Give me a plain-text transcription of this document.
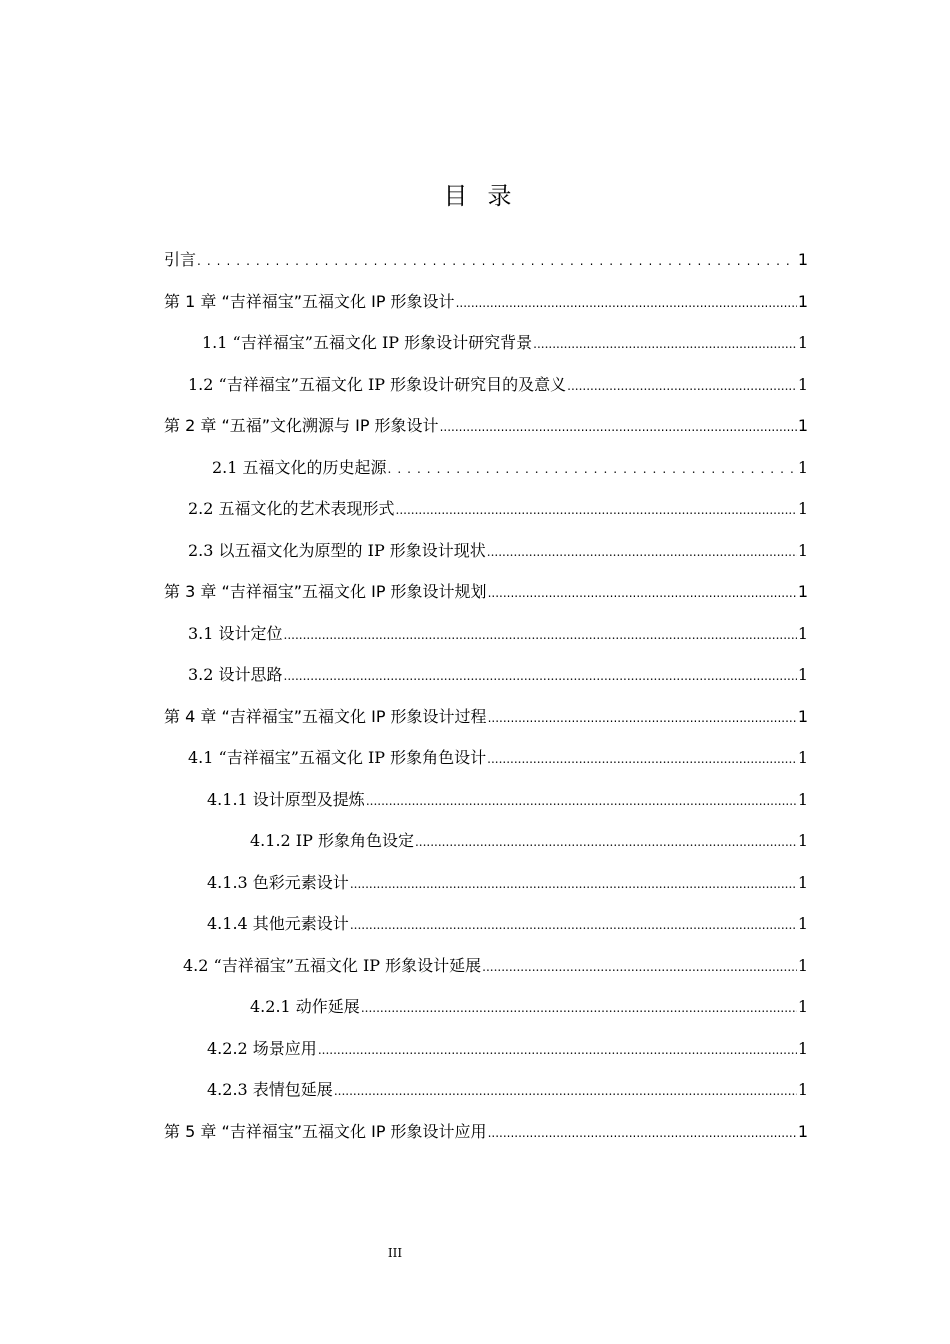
目录
引言 .....	1
第 1 章 “吉祥福宝”五福文化 IP 形象设计 .....	1
1.1 “吉祥福宝”五福文化 IP 形象设计研究背景 .....	1
1.2 “吉祥福宝”五福文化 IP 形象设计研究目的及意义 .....	1
第 2 章 “五福”文化溯源与 IP 形象设计 .....	1
2.1 五福文化的历史起源 .....	1
2.2 五福文化的艺术表现形式 .....	1
2.3 以五福文化为原型的 IP 形象设计现状 .....	1
第 3 章 “吉祥福宝”五福文化 IP 形象设计规划 .....	1
3.1 设计定位 .....	1
3.2 设计思路 .....	1
第 4 章 “吉祥福宝”五福文化 IP 形象设计过程 .....	1
4.1 “吉祥福宝”五福文化 IP 形象角色设计 .....	1
4.1.1 设计原型及提炼 .....	1
4.1.2 IP 形象角色设定 .....	1
4.1.3 色彩元素设计 .....	1
4.1.4 其他元素设计 .....	1
4.2 “吉祥福宝”五福文化 IP 形象设计延展 .....	1
4.2.1 动作延展 .....	1
4.2.2 场景应用 .....	1
4.2.3 表情包延展 .....	1
第 5 章 “吉祥福宝”五福文化 IP 形象设计应用 .....	1
III
